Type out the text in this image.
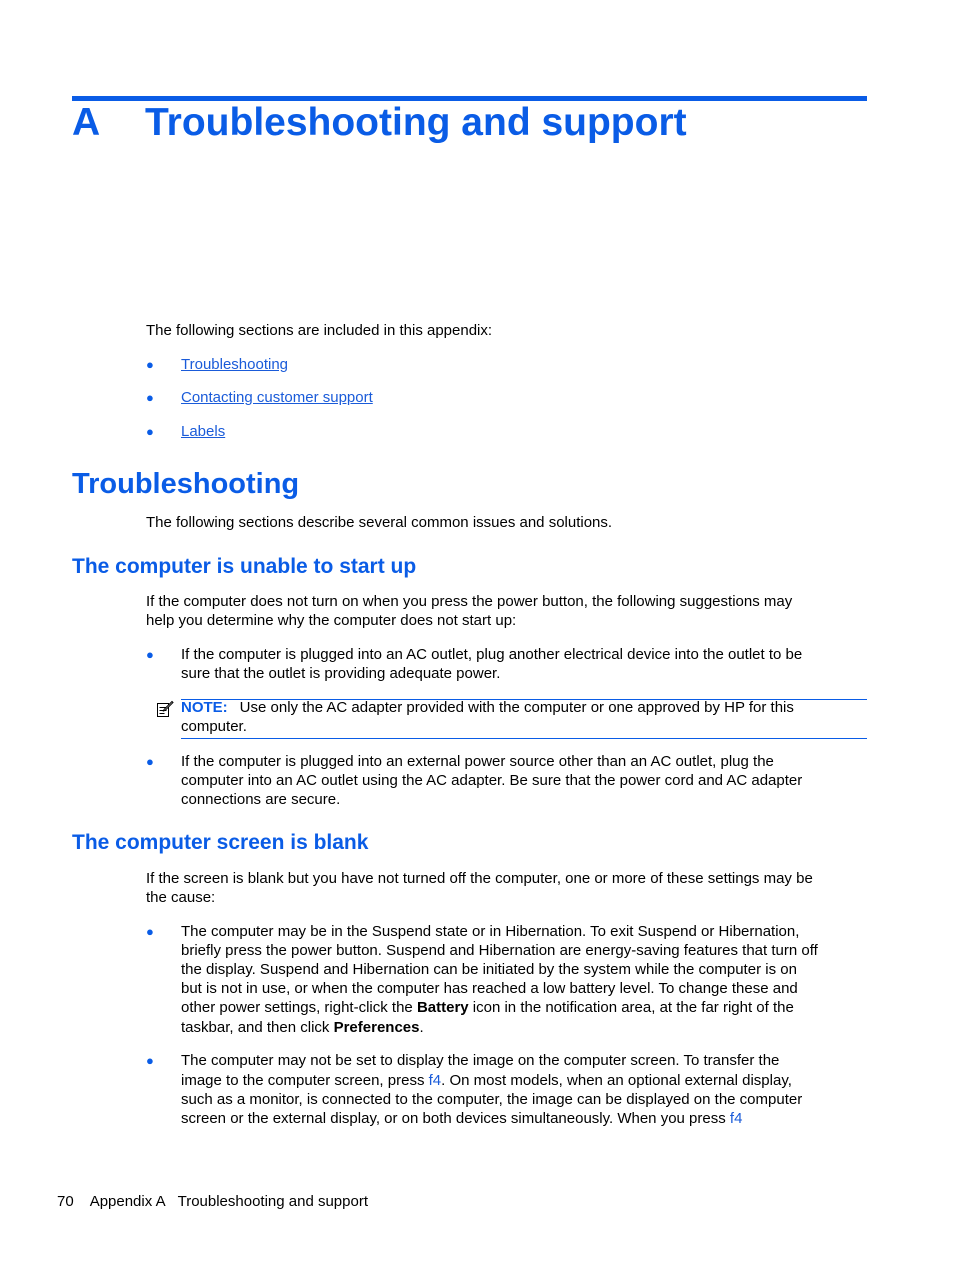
A Troubleshooting and support
The following sections are included in this appendix:
● Troubleshooting
● Contacting customer support
● Labels
Troubleshooting
The following sections describe several common issues and solutions.
The computer is unable to start up
If the computer does not turn on when you press the power button, the following suggestions may
help you determine why the computer does not start up:
● If the computer is plugged into an AC outlet, plug another electrical device into the outlet to be
sure that the outlet is providing adequate power.
NOTE: Use only the AC adapter provided with the computer or one approved by HP for this
computer.
● If the computer is plugged into an external power source other than an AC outlet, plug the
computer into an AC outlet using the AC adapter. Be sure that the power cord and AC adapter
connections are secure.
The computer screen is blank
If the screen is blank but you have not turned off the computer, one or more of these settings may be
the cause:
● The computer may be in the Suspend state or in Hibernation. To exit Suspend or Hibernation,
briefly press the power button. Suspend and Hibernation are energy-saving features that turn off
the display. Suspend and Hibernation can be initiated by the system while the computer is on
but is not in use, or when the computer has reached a low battery level. To change these and
other power settings, right-click the Battery icon in the notification area, at the far right of the
taskbar, and then click Preferences.
● The computer may not be set to display the image on the computer screen. To transfer the
image to the computer screen, press f4. On most models, when an optional external display,
such as a monitor, is connected to the computer, the image can be displayed on the computer
screen or the external display, or on both devices simultaneously. When you press f4
70 Appendix A Troubleshooting and support
